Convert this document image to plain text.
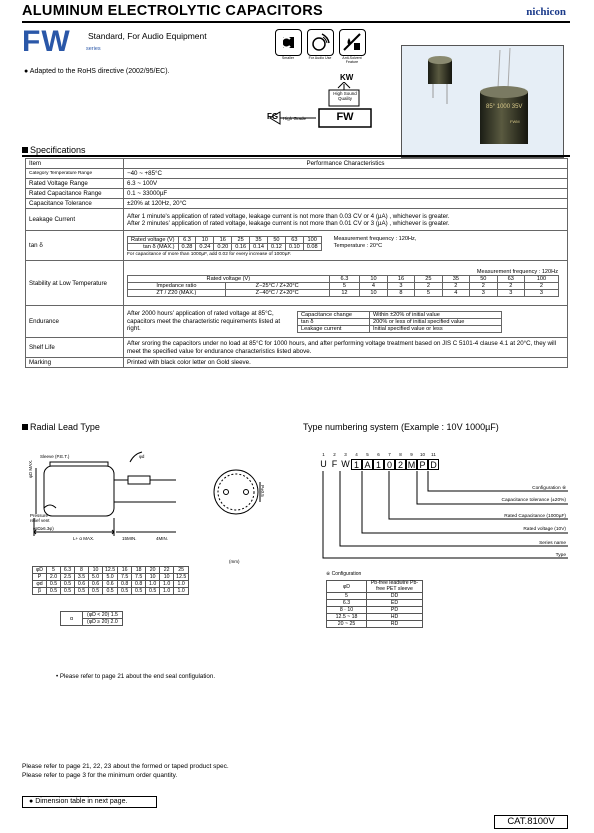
ALUMINUM ELECTROLYTIC CAPACITORS	nichicon
FW Standard, For Audio Equipment
series
● Adapted to the RoHS directive (2002/95/EC).
Smaller	For Audio Use	Anti-Solvent Feature
KW
High Sound Quality
FG High Grade	FW
85° 1000 35V
FWM
Specifications
Item	Performance Characteristics
Category Temperature Range	−40 ~ +85°C
Rated Voltage Range	6.3 ~ 100V
Rated Capacitance Range	0.1 ~ 33000µF
Capacitance Tolerance	±20% at 120Hz, 20°C
Leakage Current	After 1 minute's application of rated voltage, leakage current is not more than 0.03 CV or 4 (µA) , whichever is greater.
After 2 minutes' application of rated voltage, leakage current is not more than 0.01 CV or 3 (µA) , whichever is greater.

tan δ	
Rated voltage (V)	6.3	10	16	25	35	50	63	100
tan δ (MAX.)	0.28	0.24	0.20	0.16	0.14	0.12	0.10	0.08
Measurement frequency : 120Hz,
Temperature : 20°C
For capacitance of more than 1000µF, add 0.02 for every increase of 1000µF.

Stability at Low Temperature	
Measurement frequency : 120Hz
Rated voltage (V)	6.3	10	16	25	35	50	63	100
Impedance ratio	Z−25°C / Z+20°C	5	4	3	2	2	2	2	2
ZT / Z20 (MAX.)	Z−40°C / Z+20°C	12	10	8	5	4	3	3	3

Endurance	
After 2000 hours' application of rated voltage at 85°C, capacitors meet the characteristic requirements listed at right.
Capacitance change	Within ±20% of initial value
tan δ	200% or less of initial specified value
Leakage current	Initial specified value or less

Shelf Life	After sroring the capacitors under no load at 85°C for 1000 hours, and after performing voltage treatment based on JIS C 5101-4 clause 4.1 at 20°C, they will meet the specified value for endurance characteristics listed above.
Marking	Printed with black color letter on Gold sleeve.
Radial Lead Type
Sleeve (P.E.T.)	φd
φD MAX.
Pressure relief vent
(φD≥6.3φ)
L+ α MAX.	15MIN.	4MIN.
P±0.5
(mm)
φD	5	6.3	8	10	12.5	16	18	20	22	25
P	2.0	2.5	3.5	5.0	5.0	7.5	7.5	10	10	12.5
φd	0.5	0.5	0.6	0.6	0.6	0.8	0.8	1.0	1.0	1.0
β	0.5	0.5	0.5	0.5	0.5	0.5	0.5	0.5	1.0	1.0
α	(φD < 20) 1.5
(φD ≥ 20) 2.0
• Please refer to page 21 about the end seal configulation.
Type numbering system (Example : 10V 1000µF)
1	2	3	4	5	6	7	8	9	10	11
U F W 1 A 1 0 2 M P D
Configuration ※
Capacitance tolerance (±20%)
Rated Capacitance (1000µF)
Rated voltage (10V)
Series name
Type
※ Configuration
φD	Pb-free leadwire Pb-free PET sleeve
5	DD
6.3	ED
8 · 10	PD
12.5 ~ 18	HD
20 ~ 25	RD
Please refer to page 21, 22, 23 about the formed or taped product spec.
Please refer to page 3 for the minimum order quantity.
● Dimension table in next page.
CAT.8100V
